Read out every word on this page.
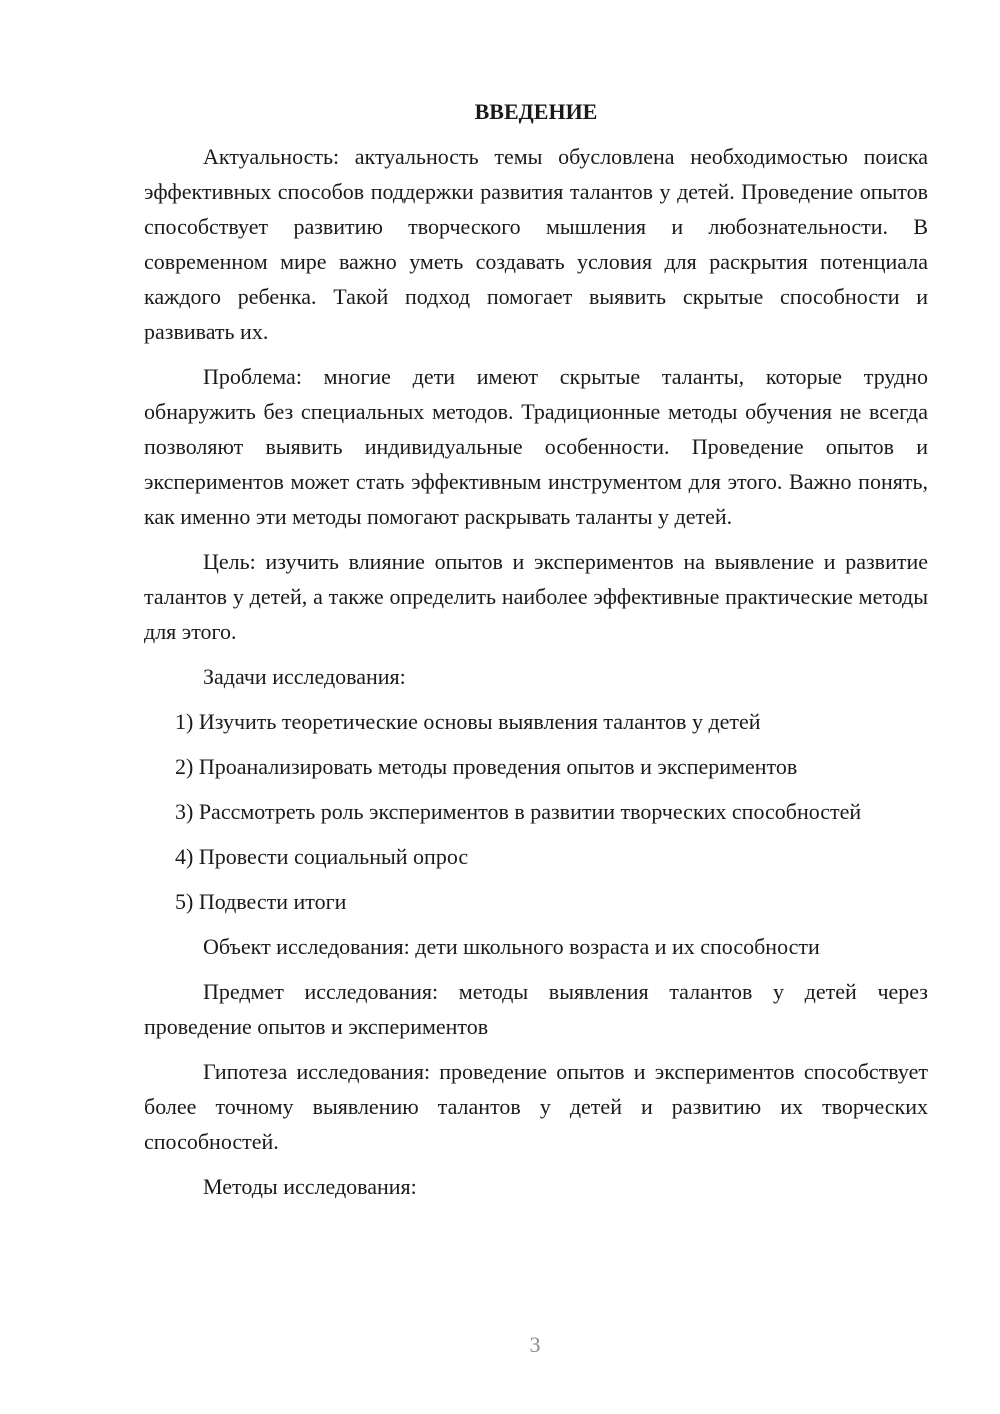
ВВЕДЕНИЕ

Актуальность: актуальность темы обусловлена необходимостью поиска эффективных способов поддержки развития талантов у детей. Проведение опытов способствует развитию творческого мышления и любознательности. В современном мире важно уметь создавать условия для раскрытия потенциала каждого ребенка. Такой подход помогает выявить скрытые способности и развивать их.

Проблема: многие дети имеют скрытые таланты, которые трудно обнаружить без специальных методов. Традиционные методы обучения не всегда позволяют выявить индивидуальные особенности. Проведение опытов и экспериментов может стать эффективным инструментом для этого. Важно понять, как именно эти методы помогают раскрывать таланты у детей.

Цель: изучить влияние опытов и экспериментов на выявление и развитие талантов у детей, а также определить наиболее эффективные практические методы для этого.

Задачи исследования:

1) Изучить теоретические основы выявления талантов у детей

2) Проанализировать методы проведения опытов и экспериментов

3) Рассмотреть роль экспериментов в развитии творческих способностей

4) Провести социальный опрос

5) Подвести итоги

Объект исследования: дети школьного возраста и их способности

Предмет исследования: методы выявления талантов у детей через проведение опытов и экспериментов

Гипотеза исследования: проведение опытов и экспериментов способствует более точному выявлению талантов у детей и развитию их творческих способностей.

Методы исследования:

3
